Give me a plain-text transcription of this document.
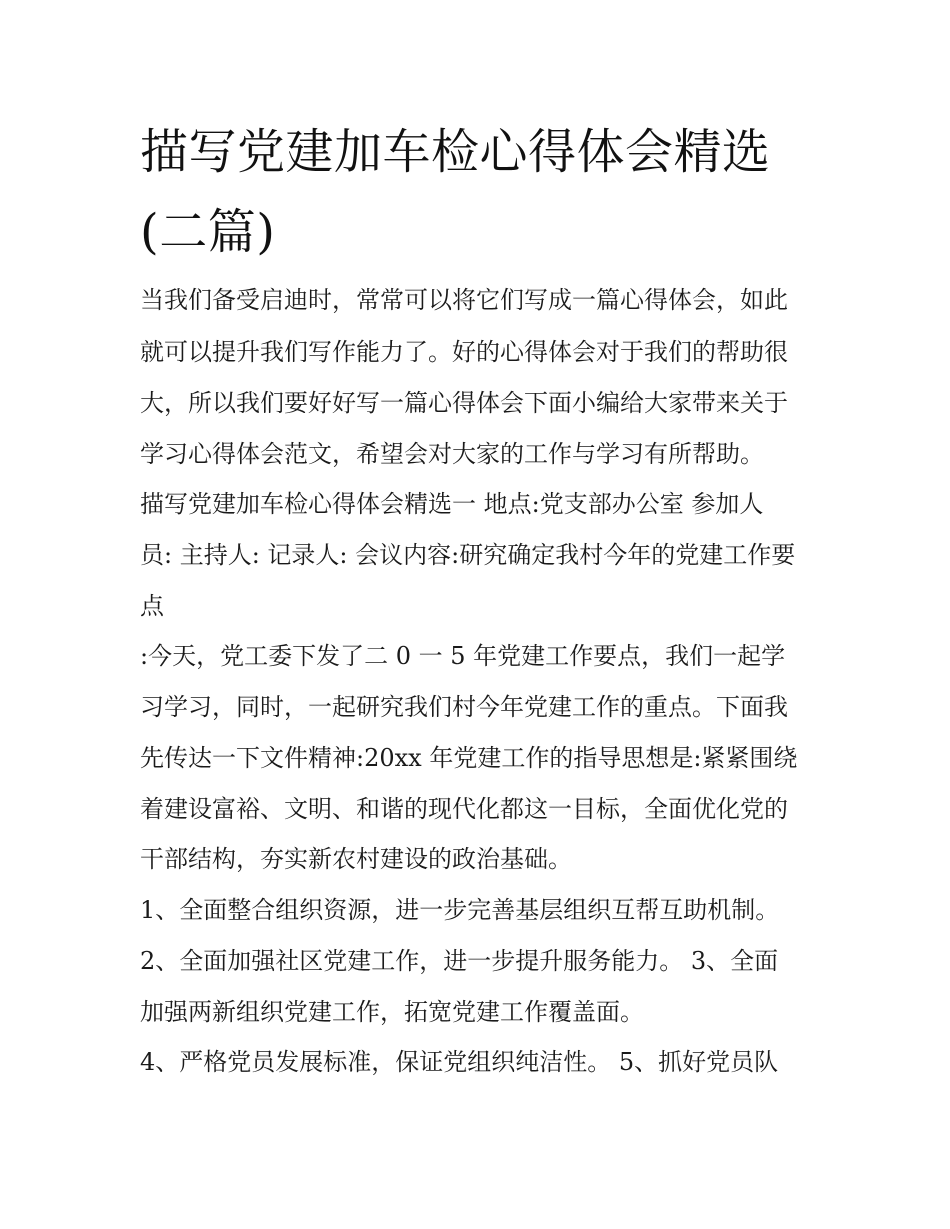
描写党建加车检心得体会精选
(二篇)
当我们备受启迪时，常常可以将它们写成一篇心得体会，如此
就可以提升我们写作能力了。好的心得体会对于我们的帮助很
大，所以我们要好好写一篇心得体会下面小编给大家带来关于
学习心得体会范文，希望会对大家的工作与学习有所帮助。
描写党建加车检心得体会精选一 地点:党支部办公室 参加人
员: 主持人: 记录人: 会议内容:研究确定我村今年的党建工作要
点
:今天，党工委下发了二 0 一 5 年党建工作要点，我们一起学
习学习，同时，一起研究我们村今年党建工作的重点。下面我
先传达一下文件精神:20xx 年党建工作的指导思想是:紧紧围绕
着建设富裕、文明、和谐的现代化都这一目标，全面优化党的
干部结构，夯实新农村建设的政治基础。
1、全面整合组织资源，进一步完善基层组织互帮互助机制。
2、全面加强社区党建工作，进一步提升服务能力。 3、全面
加强两新组织党建工作，拓宽党建工作覆盖面。
4、严格党员发展标准，保证党组织纯洁性。 5、抓好党员队
